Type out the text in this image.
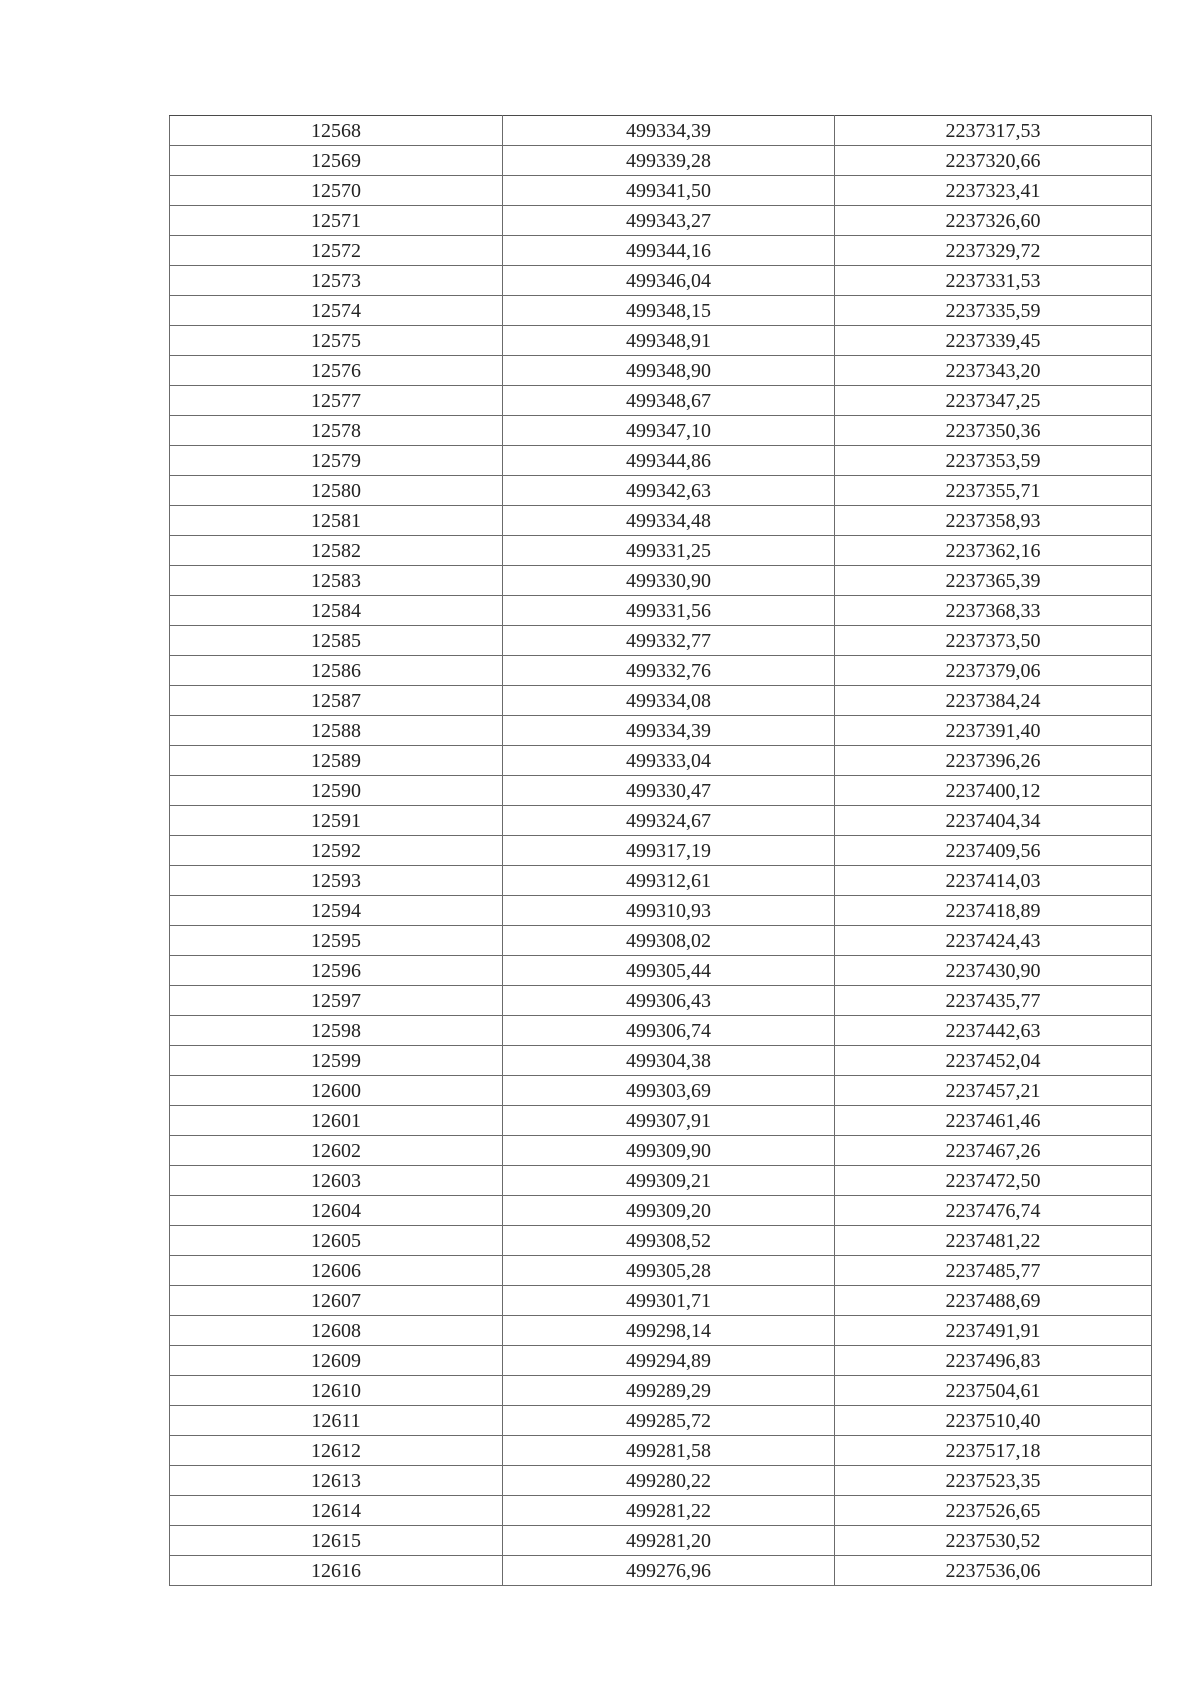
12568	499334,39	2237317,53
12569	499339,28	2237320,66
12570	499341,50	2237323,41
12571	499343,27	2237326,60
12572	499344,16	2237329,72
12573	499346,04	2237331,53
12574	499348,15	2237335,59
12575	499348,91	2237339,45
12576	499348,90	2237343,20
12577	499348,67	2237347,25
12578	499347,10	2237350,36
12579	499344,86	2237353,59
12580	499342,63	2237355,71
12581	499334,48	2237358,93
12582	499331,25	2237362,16
12583	499330,90	2237365,39
12584	499331,56	2237368,33
12585	499332,77	2237373,50
12586	499332,76	2237379,06
12587	499334,08	2237384,24
12588	499334,39	2237391,40
12589	499333,04	2237396,26
12590	499330,47	2237400,12
12591	499324,67	2237404,34
12592	499317,19	2237409,56
12593	499312,61	2237414,03
12594	499310,93	2237418,89
12595	499308,02	2237424,43
12596	499305,44	2237430,90
12597	499306,43	2237435,77
12598	499306,74	2237442,63
12599	499304,38	2237452,04
12600	499303,69	2237457,21
12601	499307,91	2237461,46
12602	499309,90	2237467,26
12603	499309,21	2237472,50
12604	499309,20	2237476,74
12605	499308,52	2237481,22
12606	499305,28	2237485,77
12607	499301,71	2237488,69
12608	499298,14	2237491,91
12609	499294,89	2237496,83
12610	499289,29	2237504,61
12611	499285,72	2237510,40
12612	499281,58	2237517,18
12613	499280,22	2237523,35
12614	499281,22	2237526,65
12615	499281,20	2237530,52
12616	499276,96	2237536,06
